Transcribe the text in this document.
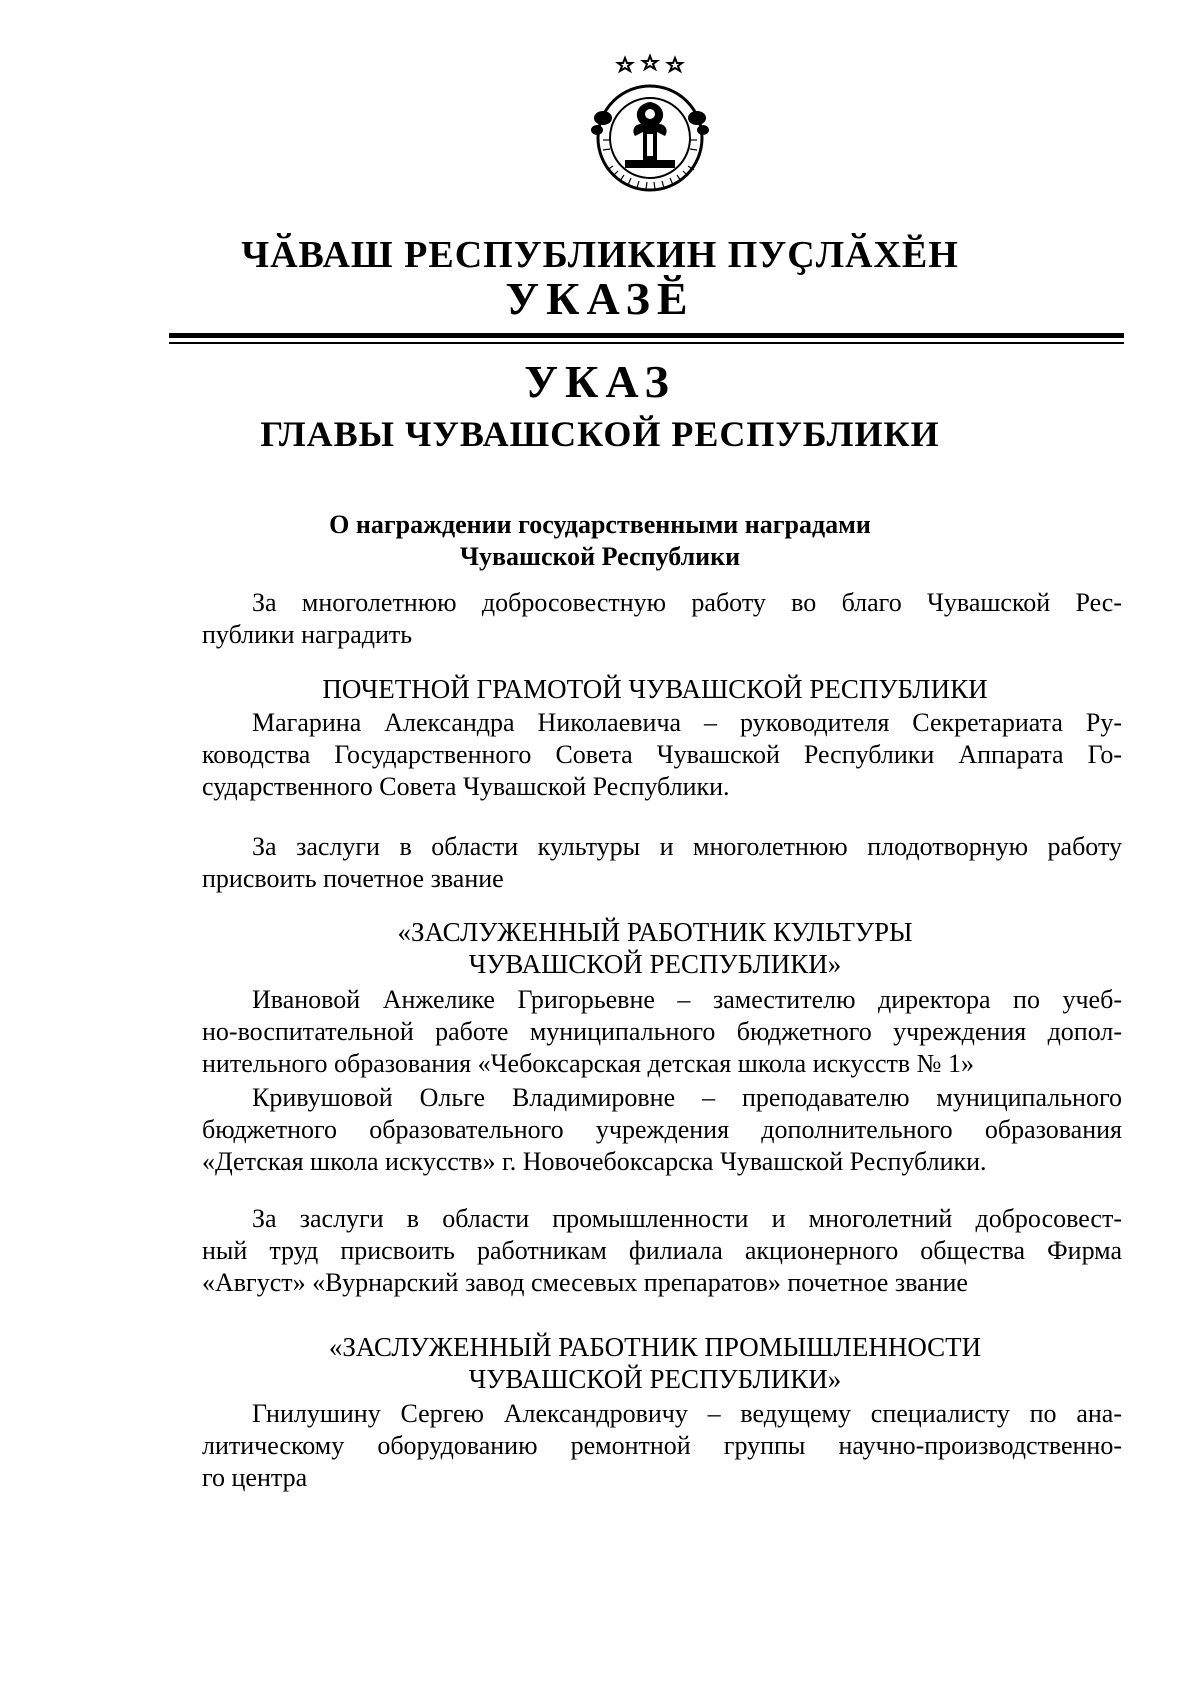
ЧӐВАШ РЕСПУБЛИКИН ПУҪЛӐХӖН
УКАЗӖ
УКАЗ
ГЛАВЫ ЧУВАШСКОЙ РЕСПУБЛИКИ
О награждении государственными наградами
Чувашской Республики
За многолетнюю добросовестную работу во благо Чувашской Рес-
публики наградить
ПОЧЕТНОЙ ГРАМОТОЙ ЧУВАШСКОЙ РЕСПУБЛИКИ
Магарина Александра Николаевича – руководителя Секретариата Ру-
ководства Государственного Совета Чувашской Республики Аппарата Го-
сударственного Совета Чувашской Республики.
За заслуги в области культуры и многолетнюю плодотворную работу
присвоить почетное звание
«ЗАСЛУЖЕННЫЙ РАБОТНИК КУЛЬТУРЫ
ЧУВАШСКОЙ РЕСПУБЛИКИ»
Ивановой Анжелике Григорьевне – заместителю директора по учеб-
но-воспитательной работе муниципального бюджетного учреждения допол-
нительного образования «Чебоксарская детская школа искусств № 1»
Кривушовой Ольге Владимировне – преподавателю муниципального
бюджетного образовательного учреждения дополнительного образования
«Детская школа искусств» г. Новочебоксарска Чувашской Республики.
За заслуги в области промышленности и многолетний добросовест-
ный труд присвоить работникам филиала акционерного общества Фирма
«Август» «Вурнарский завод смесевых препаратов» почетное звание
«ЗАСЛУЖЕННЫЙ РАБОТНИК ПРОМЫШЛЕННОСТИ
ЧУВАШСКОЙ РЕСПУБЛИКИ»
Гнилушину Сергею Александровичу – ведущему специалисту по ана-
литическому оборудованию ремонтной группы научно-производственно-
го центра
